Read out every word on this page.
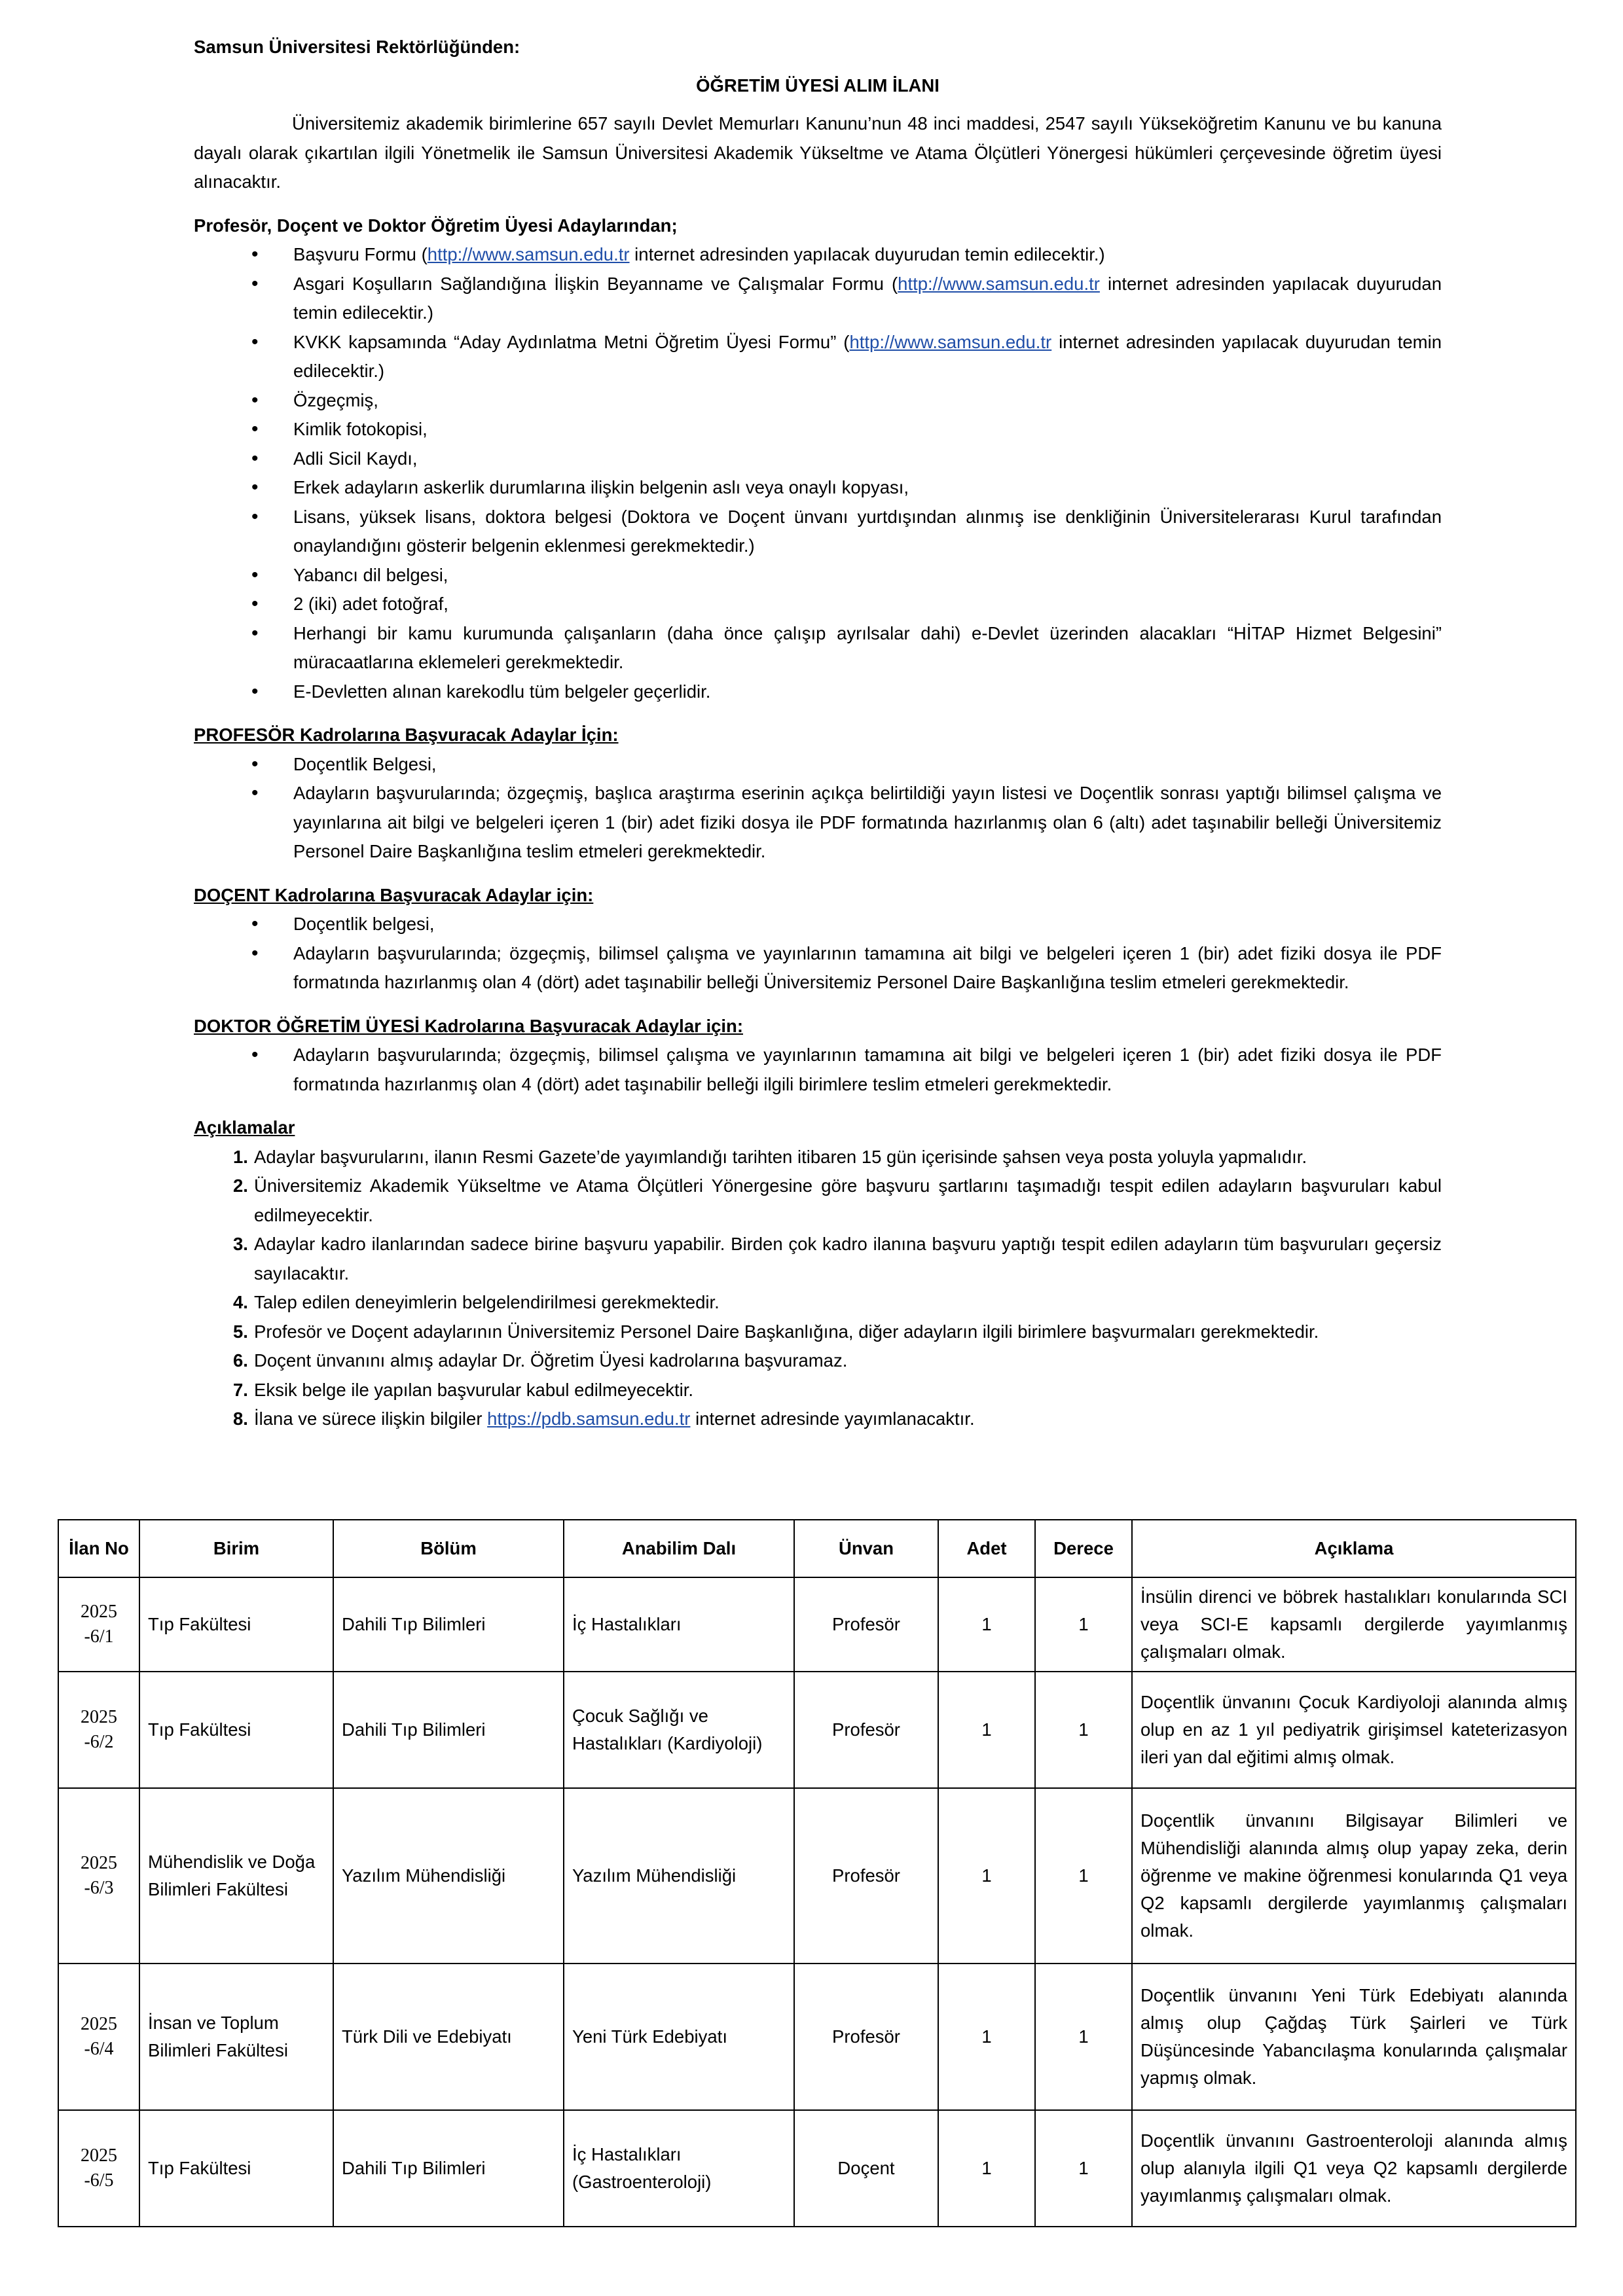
Samsun Üniversitesi Rektörlüğünden:

ÖĞRETİM ÜYESİ ALIM İLANI

Üniversitemiz akademik birimlerine 657 sayılı Devlet Memurları Kanunu’nun 48 inci maddesi, 2547 sayılı Yükseköğretim Kanunu ve bu kanuna dayalı olarak çıkartılan ilgili Yönetmelik ile Samsun Üniversitesi Akademik Yükseltme ve Atama Ölçütleri Yönergesi hükümleri çerçevesinde öğretim üyesi alınacaktır.

Profesör, Doçent ve Doktor Öğretim Üyesi Adaylarından;

• Başvuru Formu (http://www.samsun.edu.tr internet adresinden yapılacak duyurudan temin edilecektir.)
• Asgari Koşulların Sağlandığına İlişkin Beyanname ve Çalışmalar Formu (http://www.samsun.edu.tr internet adresinden yapılacak duyurudan temin edilecektir.)
• KVKK kapsamında “Aday Aydınlatma Metni Öğretim Üyesi Formu” (http://www.samsun.edu.tr internet adresinden yapılacak duyurudan temin edilecektir.)
• Özgeçmiş,
• Kimlik fotokopisi,
• Adli Sicil Kaydı,
• Erkek adayların askerlik durumlarına ilişkin belgenin aslı veya onaylı kopyası,
• Lisans, yüksek lisans, doktora belgesi (Doktora ve Doçent ünvanı yurtdışından alınmış ise denkliğinin Üniversitelerarası Kurul tarafından onaylandığını gösterir belgenin eklenmesi gerekmektedir.)
• Yabancı dil belgesi,
• 2 (iki) adet fotoğraf,
• Herhangi bir kamu kurumunda çalışanların (daha önce çalışıp ayrılsalar dahi) e-Devlet üzerinden alacakları “HİTAP Hizmet Belgesini” müracaatlarına eklemeleri gerekmektedir.
• E-Devletten alınan karekodlu tüm belgeler geçerlidir.

PROFESÖR Kadrolarına Başvuracak Adaylar İçin:

• Doçentlik Belgesi,
• Adayların başvurularında; özgeçmiş, başlıca araştırma eserinin açıkça belirtildiği yayın listesi ve Doçentlik sonrası yaptığı bilimsel çalışma ve yayınlarına ait bilgi ve belgeleri içeren 1 (bir) adet fiziki dosya ile PDF formatında hazırlanmış olan 6 (altı) adet taşınabilir belleği Üniversitemiz Personel Daire Başkanlığına teslim etmeleri gerekmektedir.

DOÇENT Kadrolarına Başvuracak Adaylar için:

• Doçentlik belgesi,
• Adayların başvurularında; özgeçmiş, bilimsel çalışma ve yayınlarının tamamına ait bilgi ve belgeleri içeren 1 (bir) adet fiziki dosya ile PDF formatında hazırlanmış olan 4 (dört) adet taşınabilir belleği Üniversitemiz Personel Daire Başkanlığına teslim etmeleri gerekmektedir.

DOKTOR ÖĞRETİM ÜYESİ Kadrolarına Başvuracak Adaylar için:

• Adayların başvurularında; özgeçmiş, bilimsel çalışma ve yayınlarının tamamına ait bilgi ve belgeleri içeren 1 (bir) adet fiziki dosya ile PDF formatında hazırlanmış olan 4 (dört) adet taşınabilir belleği ilgili birimlere teslim etmeleri gerekmektedir.

Açıklamalar

1. Adaylar başvurularını, ilanın Resmi Gazete’de yayımlandığı tarihten itibaren 15 gün içerisinde şahsen veya posta yoluyla yapmalıdır.
2. Üniversitemiz Akademik Yükseltme ve Atama Ölçütleri Yönergesine göre başvuru şartlarını taşımadığı tespit edilen adayların başvuruları kabul edilmeyecektir.
3. Adaylar kadro ilanlarından sadece birine başvuru yapabilir. Birden çok kadro ilanına başvuru yaptığı tespit edilen adayların tüm başvuruları geçersiz sayılacaktır.
4. Talep edilen deneyimlerin belgelendirilmesi gerekmektedir.
5. Profesör ve Doçent adaylarının Üniversitemiz Personel Daire Başkanlığına, diğer adayların ilgili birimlere başvurmaları gerekmektedir.
6. Doçent ünvanını almış adaylar Dr. Öğretim Üyesi kadrolarına başvuramaz.
7. Eksik belge ile yapılan başvurular kabul edilmeyecektir.
8. İlana ve sürece ilişkin bilgiler https://pdb.samsun.edu.tr internet adresinde yayımlanacaktır.
İlan No	Birim	Bölüm	Anabilim Dalı	Ünvan	Adet	Derece	Açıklama
2025 -6/1	Tıp Fakültesi	Dahili Tıp Bilimleri	İç Hastalıkları	Profesör	1	1	İnsülin direnci ve böbrek hastalıkları konularında SCI veya SCI-E kapsamlı dergilerde yayımlanmış çalışmaları olmak.
2025 -6/2	Tıp Fakültesi	Dahili Tıp Bilimleri	Çocuk Sağlığı ve Hastalıkları (Kardiyoloji)	Profesör	1	1	Doçentlik ünvanını Çocuk Kardiyoloji alanında almış olup en az 1 yıl pediyatrik girişimsel kateterizasyon ileri yan dal eğitimi almış olmak.
2025 -6/3	Mühendislik ve Doğa Bilimleri Fakültesi	Yazılım Mühendisliği	Yazılım Mühendisliği	Profesör	1	1	Doçentlik ünvanını Bilgisayar Bilimleri ve Mühendisliği alanında almış olup yapay zeka, derin öğrenme ve makine öğrenmesi konularında Q1 veya Q2 kapsamlı dergilerde yayımlanmış çalışmaları olmak.
2025 -6/4	İnsan ve Toplum Bilimleri Fakültesi	Türk Dili ve Edebiyatı	Yeni Türk Edebiyatı	Profesör	1	1	Doçentlik ünvanını Yeni Türk Edebiyatı alanında almış olup Çağdaş Türk Şairleri ve Türk Düşüncesinde Yabancılaşma konularında çalışmalar yapmış olmak.
2025 -6/5	Tıp Fakültesi	Dahili Tıp Bilimleri	İç Hastalıkları (Gastroenteroloji)	Doçent	1	1	Doçentlik ünvanını Gastroenteroloji alanında almış olup alanıyla ilgili Q1 veya Q2 kapsamlı dergilerde yayımlanmış çalışmaları olmak.
